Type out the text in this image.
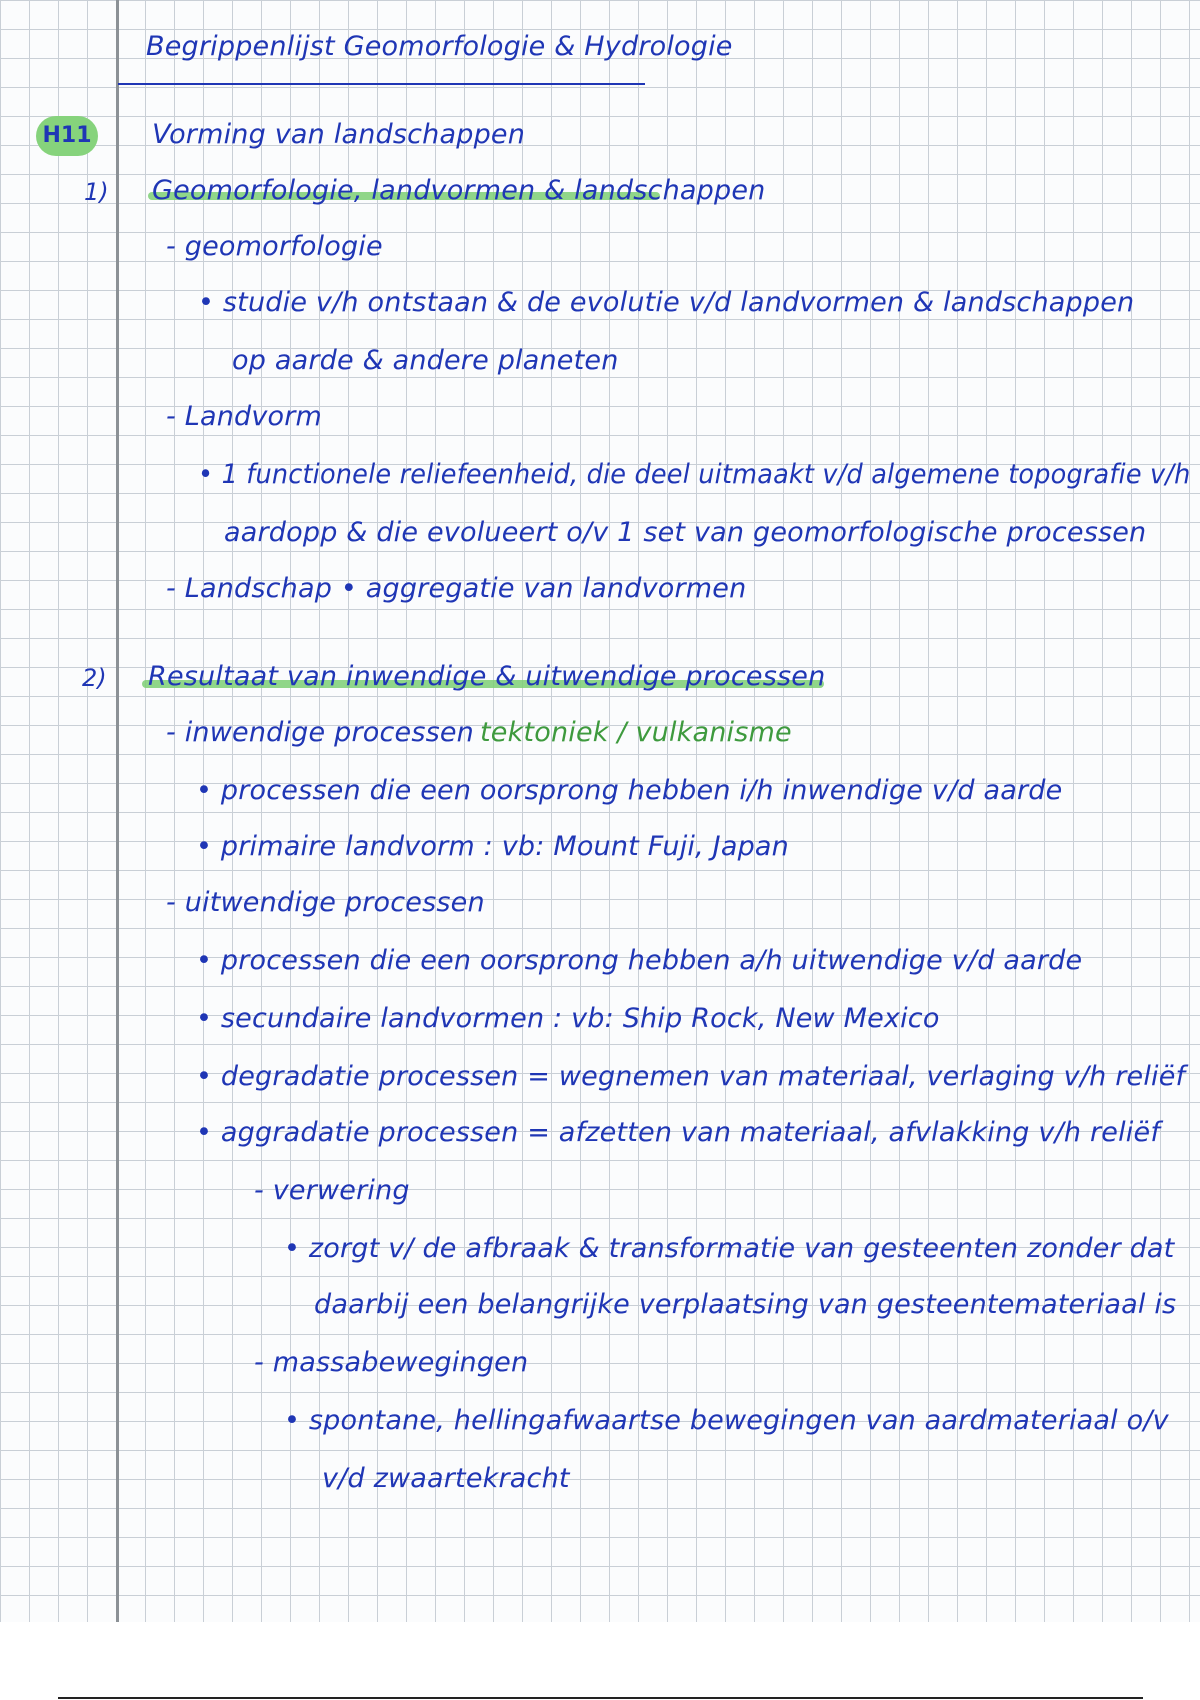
Begrippenlijst Geomorfologie & Hydrologie
H11 Vorming van landschappen
1) Geomorfologie, landvormen & landschappen
- geomorfologie
• studie v/h ontstaan & de evolutie v/d landvormen & landschappen
op aarde & andere planeten
- Landvorm
• 1 functionele reliefeenheid, die deel uitmaakt v/d algemene topografie v/h
aardopp & die evolueert o/v 1 set van geomorfologische processen
- Landschap • aggregatie van landvormen
2) Resultaat van inwendige & uitwendige processen
- inwendige processen tektoniek / vulkanisme
• processen die een oorsprong hebben i/h inwendige v/d aarde
• primaire landvorm : vb: Mount Fuji, Japan
- uitwendige processen
• processen die een oorsprong hebben a/h uitwendige v/d aarde
• secundaire landvormen : vb: Ship Rock, New Mexico
• degradatie processen = wegnemen van materiaal, verlaging v/h reliëf
• aggradatie processen = afzetten van materiaal, afvlakking v/h reliëf
- verwering
• zorgt v/ de afbraak & transformatie van gesteenten zonder dat
daarbij een belangrijke verplaatsing van gesteentemateriaal is
- massabewegingen
• spontane, hellingafwaartse bewegingen van aardmateriaal o/v
v/d zwaartekracht
